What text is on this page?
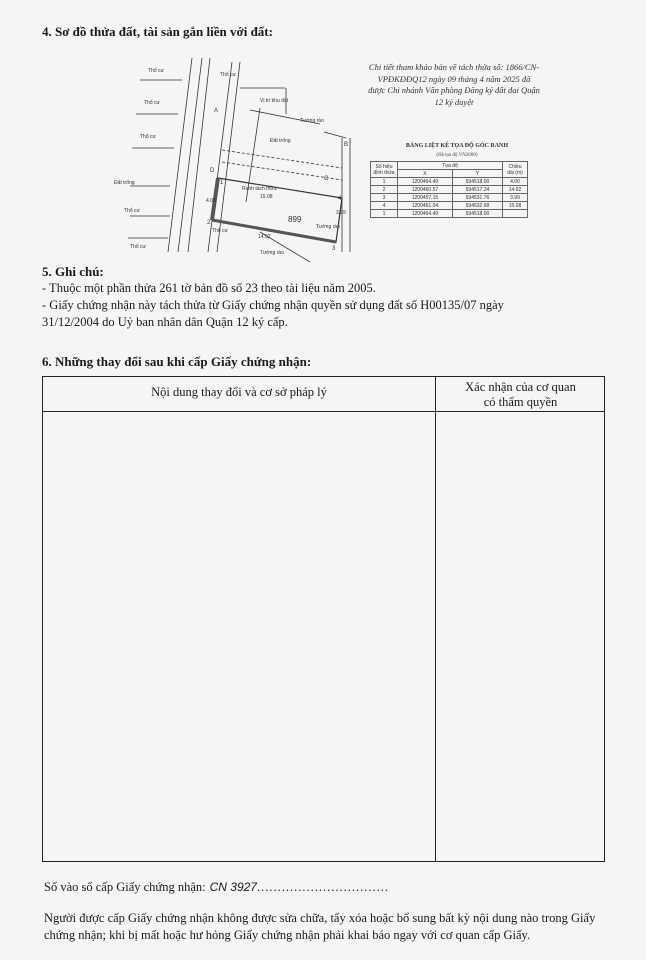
4. Sơ đồ thửa đất, tài sản gắn liền với đất:
Thổ cư
Thổ cư
Thổ cư
Thổ cư
Đất trống
Thổ cư
Thổ cư
Thổ cư
Vị trí khu đất
Đất trống
Tường rào
Tường rào
Tường rào
Ranh tách thửa
15.08
14.92
4.00
3.99
899
A
B
C
D
1
2
3
4
Chi tiết tham khảo bản vẽ tách thửa số: 1866/CN-VPĐKĐĐQ12 ngày 09 tháng 4 năm 2025 đã được Chi nhánh Văn phòng Đăng ký đất đai Quận 12 ký duyệt
BẢNG LIỆT KÊ TỌA ĐỘ GÓC RANH
(Hệ tọa độ VN2000)
Số hiệu đỉnh thửa	Tọa độ		Chiều dài (m)
	X	Y	
1	1200464.49	594518.00	4.00
2	1200460.57	594517.24	14.92
3	1200457.15	594531.76	3.99
4	1200461.04	594532.68	15.08
1	1200464.49	594518.00	
5. Ghi chú:
- Thuộc một phần thửa 261 tờ bản đồ số 23 theo tài liệu năm 2005.
- Giấy chứng nhận này tách thửa từ Giấy chứng nhận quyền sử dụng đất số H00135/07 ngày
31/12/2004 do Uỷ ban nhân dân Quận 12 ký cấp.
6. Những thay đổi sau khi cấp Giấy chứng nhận:
Nội dung thay đổi và cơ sở pháp lý	Xác nhận của cơ quan
có thẩm quyền
Số vào sổ cấp Giấy chứng nhận: CN 3927................................
Người được cấp Giấy chứng nhận không được sửa chữa, tẩy xóa hoặc bổ sung bất kỳ nội dung nào trong Giấy chứng nhận; khi bị mất hoặc hư hỏng Giấy chứng nhận phải khai báo ngay với cơ quan cấp Giấy.
